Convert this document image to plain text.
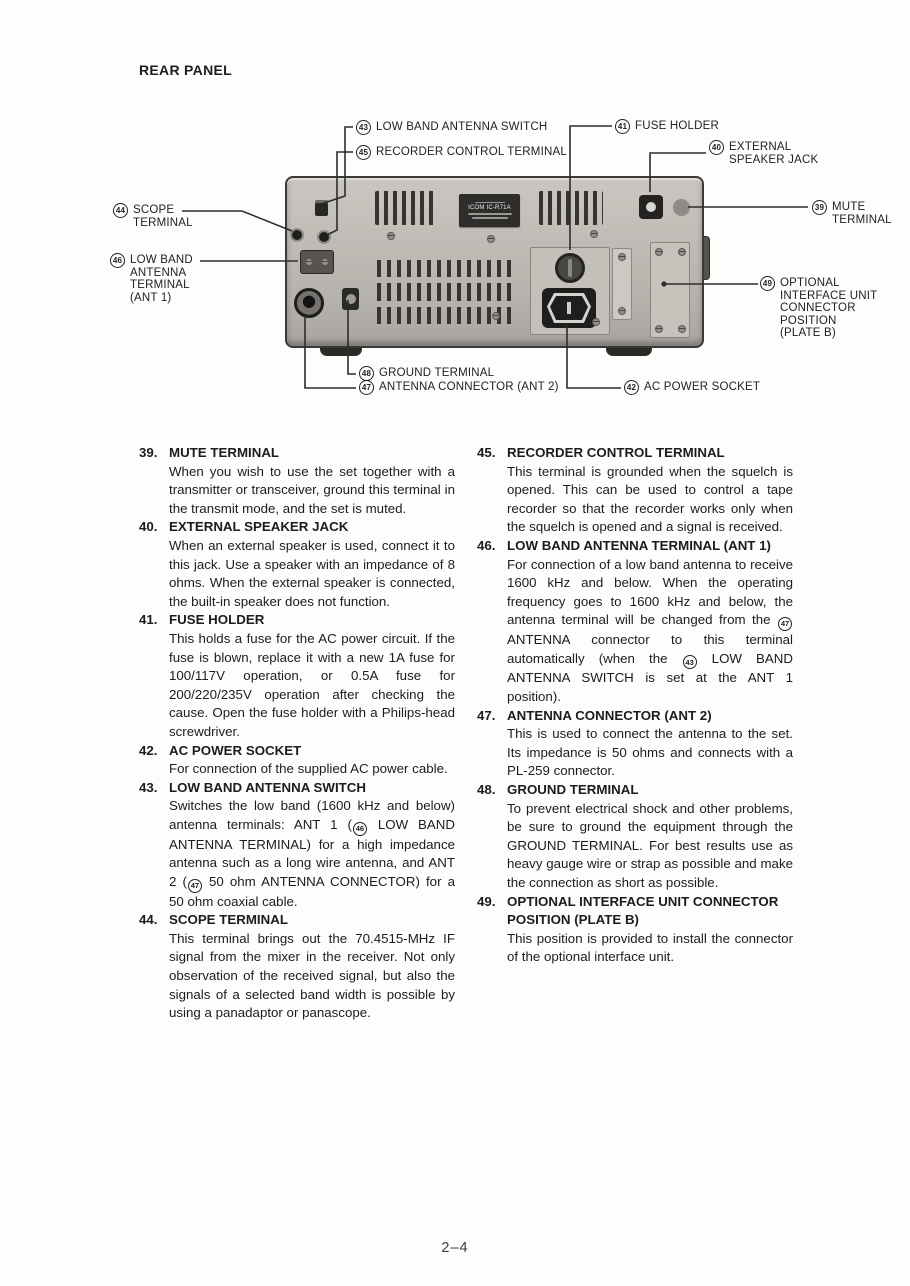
REAR PANEL
ICOM IC-R71A
43 LOW BAND ANTENNA SWITCH
45 RECORDER CONTROL TERMINAL
41 FUSE HOLDER
40 EXTERNAL
SPEAKER JACK
39 MUTE
TERMINAL
44 SCOPE
TERMINAL
46 LOW BAND
ANTENNA
TERMINAL
(ANT 1)
49 OPTIONAL
INTERFACE UNIT
CONNECTOR
POSITION
(PLATE B)
48 GROUND TERMINAL
47 ANTENNA CONNECTOR (ANT 2)	42 AC POWER SOCKET
39. MUTE TERMINAL
When you wish to use the set together with a transmitter or transceiver, ground this terminal in the transmit mode, and the set is muted.
40. EXTERNAL SPEAKER JACK
When an external speaker is used, connect it to this jack. Use a speaker with an impedance of 8 ohms. When the external speaker is connected, the built-in speaker does not function.
41. FUSE HOLDER
This holds a fuse for the AC power circuit. If the fuse is blown, replace it with a new 1A fuse for 100/117V operation, or 0.5A fuse for 200/220/235V operation after checking the cause. Open the fuse holder with a Philips-head screwdriver.
42. AC POWER SOCKET
For connection of the supplied AC power cable.
43. LOW BAND ANTENNA SWITCH
Switches the low band (1600 kHz and below) antenna terminals: ANT 1 ( 46 LOW BAND ANTENNA TERMINAL) for a high impedance antenna such as a long wire antenna, and ANT 2 ( 47 50 ohm ANTENNA CONNECTOR) for a 50 ohm coaxial cable.
44. SCOPE TERMINAL
This terminal brings out the 70.4515-MHz IF signal from the mixer in the receiver. Not only observation of the received signal, but also the signals of a selected band width is possible by using a panadaptor or panascope.
45. RECORDER CONTROL TERMINAL
This terminal is grounded when the squelch is opened. This can be used to control a tape recorder so that the recorder works only when the squelch is opened and a signal is received.
46. LOW BAND ANTENNA TERMINAL (ANT 1)
For connection of a low band antenna to receive 1600 kHz and below. When the operating frequency goes to 1600 kHz and below, the antenna terminal will be changed from the 47 ANTENNA connector to this terminal automatically (when the 43 LOW BAND ANTENNA SWITCH is set at the ANT 1 position).
47. ANTENNA CONNECTOR (ANT 2)
This is used to connect the antenna to the set. Its impedance is 50 ohms and connects with a PL-259 connector.
48. GROUND TERMINAL
To prevent electrical shock and other problems, be sure to ground the equipment through the GROUND TERMINAL. For best results use as heavy gauge wire or strap as possible and make the connection as short as possible.
49. OPTIONAL INTERFACE UNIT CONNECTOR POSITION (PLATE B)
This position is provided to install the connector of the optional interface unit.
2–4
